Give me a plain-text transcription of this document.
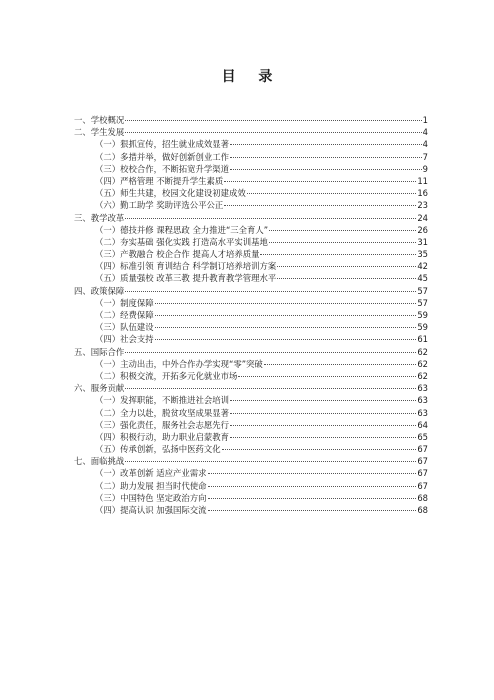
目 录
一、学校概况	1
二、学生发展	4
（一）狠抓宣传，招生就业成效显著	4
（二）多措并举，做好创新创业工作	7
（三）校校合作，不断拓宽升学渠道	9
（四）严格管理 不断提升学生素质	11
（五）师生共建，校园文化建设初建成效	16
（六）勤工助学 奖助评选公平公正	23
三、教学改革	24
（一）德技并修 课程思政 全力推进“三全育人”	26
（二）夯实基础 强化实践 打造高水平实训基地	31
（三）产教融合 校企合作 提高人才培养质量	35
（四）标准引领 育训结合 科学制订培养培训方案	42
（五）质量强校 改革三教 提升教育教学管理水平	45
四、政策保障	57
（一）制度保障	57
（二）经费保障	59
（三）队伍建设	59
（四）社会支持	61
五、国际合作	62
（一）主动出击，中外合作办学实现“零”突破	62
（二）积极交流，开拓多元化就业市场	62
六、服务贡献	63
（一）发挥职能，不断推进社会培训	63
（二）全力以赴，脱贫攻坚成果显著	63
（三）强化责任，服务社会志愿先行	64
（四）积极行动，助力职业启蒙教育	65
（五）传承创新，弘扬中医药文化	67
七、面临挑战	67
（一）改革创新 适应产业需求	67
（二）助力发展 担当时代使命	67
（三）中国特色 坚定政治方向	68
（四）提高认识 加强国际交流	68
